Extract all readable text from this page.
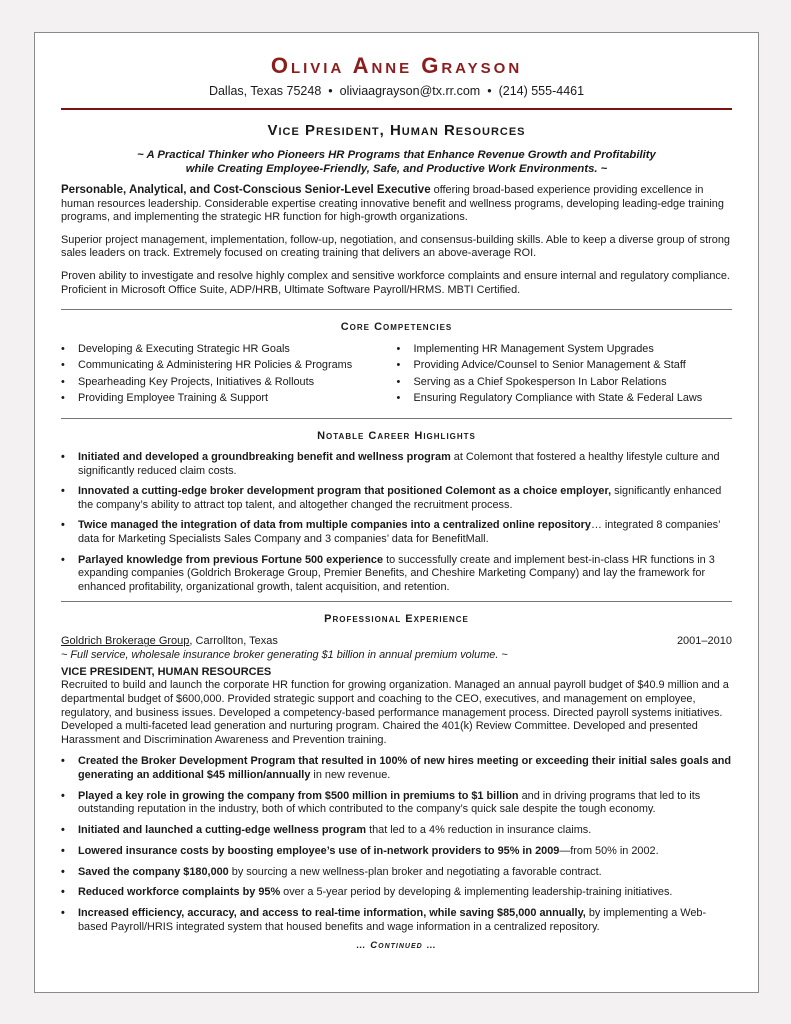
Olivia Anne Grayson
Dallas, Texas 75248 • oliviaagrayson@tx.rr.com • (214) 555-4461
Vice President, Human Resources
~ A Practical Thinker who Pioneers HR Programs that Enhance Revenue Growth and Profitability
while Creating Employee-Friendly, Safe, and Productive Work Environments. ~

Personable, Analytical, and Cost-Conscious Senior-Level Executive offering broad-based experience providing excellence in human resources leadership. Considerable expertise creating innovative benefit and wellness programs, developing leading-edge training programs, and implementing the strategic HR function for high-growth organizations.

Superior project management, implementation, follow-up, negotiation, and consensus-building skills. Able to keep a diverse group of strong sales leaders on track. Extremely focused on creating training that delivers an above-average ROI.

Proven ability to investigate and resolve highly complex and sensitive workforce complaints and ensure internal and regulatory compliance. Proficient in Microsoft Office Suite, ADP/HRB, Ultimate Software Payroll/HRMS. MBTI Certified.

Core Competencies
• Developing & Executing Strategic HR Goals
• Communicating & Administering HR Policies & Programs
• Spearheading Key Projects, Initiatives & Rollouts
• Providing Employee Training & Support
• Implementing HR Management System Upgrades
• Providing Advice/Counsel to Senior Management & Staff
• Serving as a Chief Spokesperson In Labor Relations
• Ensuring Regulatory Compliance with State & Federal Laws
Notable Career Highlights
• Initiated and developed a groundbreaking benefit and wellness program at Colemont that fostered a healthy lifestyle culture and significantly reduced claim costs.
• Innovated a cutting-edge broker development program that positioned Colemont as a choice employer, significantly enhanced the company’s ability to attract top talent, and altogether changed the recruitment process.
• Twice managed the integration of data from multiple companies into a centralized online repository… integrated 8 companies’ data for Marketing Specialists Sales Company and 3 companies’ data for BenefitMall.
• Parlayed knowledge from previous Fortune 500 experience to successfully create and implement best-in-class HR functions in 3 expanding companies (Goldrich Brokerage Group, Premier Benefits, and Cheshire Marketing Company) and lay the framework for enhanced profitability, organizational growth, talent acquisition, and retention.
Professional Experience
Goldrich Brokerage Group, Carrollton, Texas	2001–2010
~ Full service, wholesale insurance broker generating $1 billion in annual premium volume. ~
VICE PRESIDENT, HUMAN RESOURCES

Recruited to build and launch the corporate HR function for growing organization. Managed an annual payroll budget of $40.9 million and a departmental budget of $600,000. Provided strategic support and coaching to the CEO, executives, and management on employee, regulatory, and business issues. Developed a competency-based performance management process. Directed payroll systems initiatives. Developed a multi-faceted lead generation and nurturing program. Chaired the 401(k) Review Committee. Developed and presented Harassment and Discrimination Awareness and Prevention training.

• Created the Broker Development Program that resulted in 100% of new hires meeting or exceeding their initial sales goals and generating an additional $45 million/annually in new revenue.
• Played a key role in growing the company from $500 million in premiums to $1 billion and in driving programs that led to its outstanding reputation in the industry, both of which contributed to the company’s quick sale despite the tough economy.
• Initiated and launched a cutting-edge wellness program that led to a 4% reduction in insurance claims.
• Lowered insurance costs by boosting employee’s use of in-network providers to 95% in 2009—from 50% in 2002.
• Saved the company $180,000 by sourcing a new wellness-plan broker and negotiating a favorable contract.
• Reduced workforce complaints by 95% over a 5-year period by developing & implementing leadership-training initiatives.
• Increased efficiency, accuracy, and access to real-time information, while saving $85,000 annually, by implementing a Web-based Payroll/HRIS integrated system that housed benefits and wage information in a centralized repository.
… Continued …
